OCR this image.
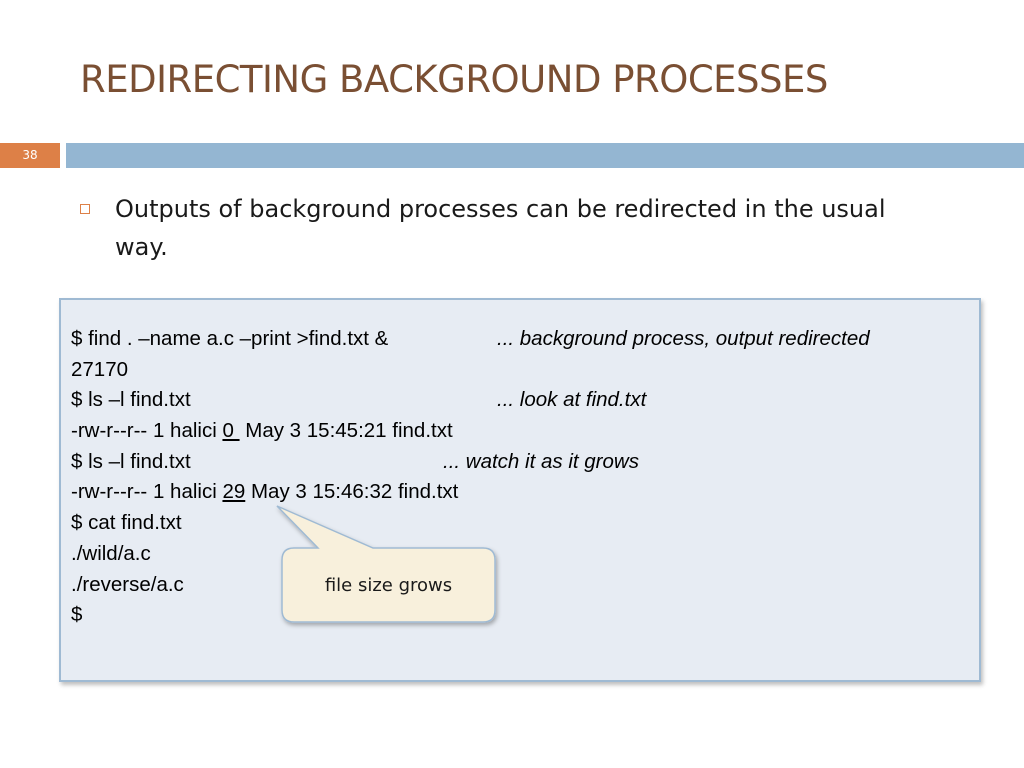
REDIRECTING BACKGROUND PROCESSES
38
Outputs of background processes can be redirected in the usual way.
$ find . –name a.c –print >find.txt &	... background process, output redirected
27170
$ ls –l find.txt	... look at find.txt
-rw-r--r-- 1 halici 0  May 3 15:45:21 find.txt
$ ls –l find.txt	... watch it as it grows
-rw-r--r-- 1 halici 29 May 3 15:46:32 find.txt
$ cat find.txt
./wild/a.c
./reverse/a.c
$
file size grows
